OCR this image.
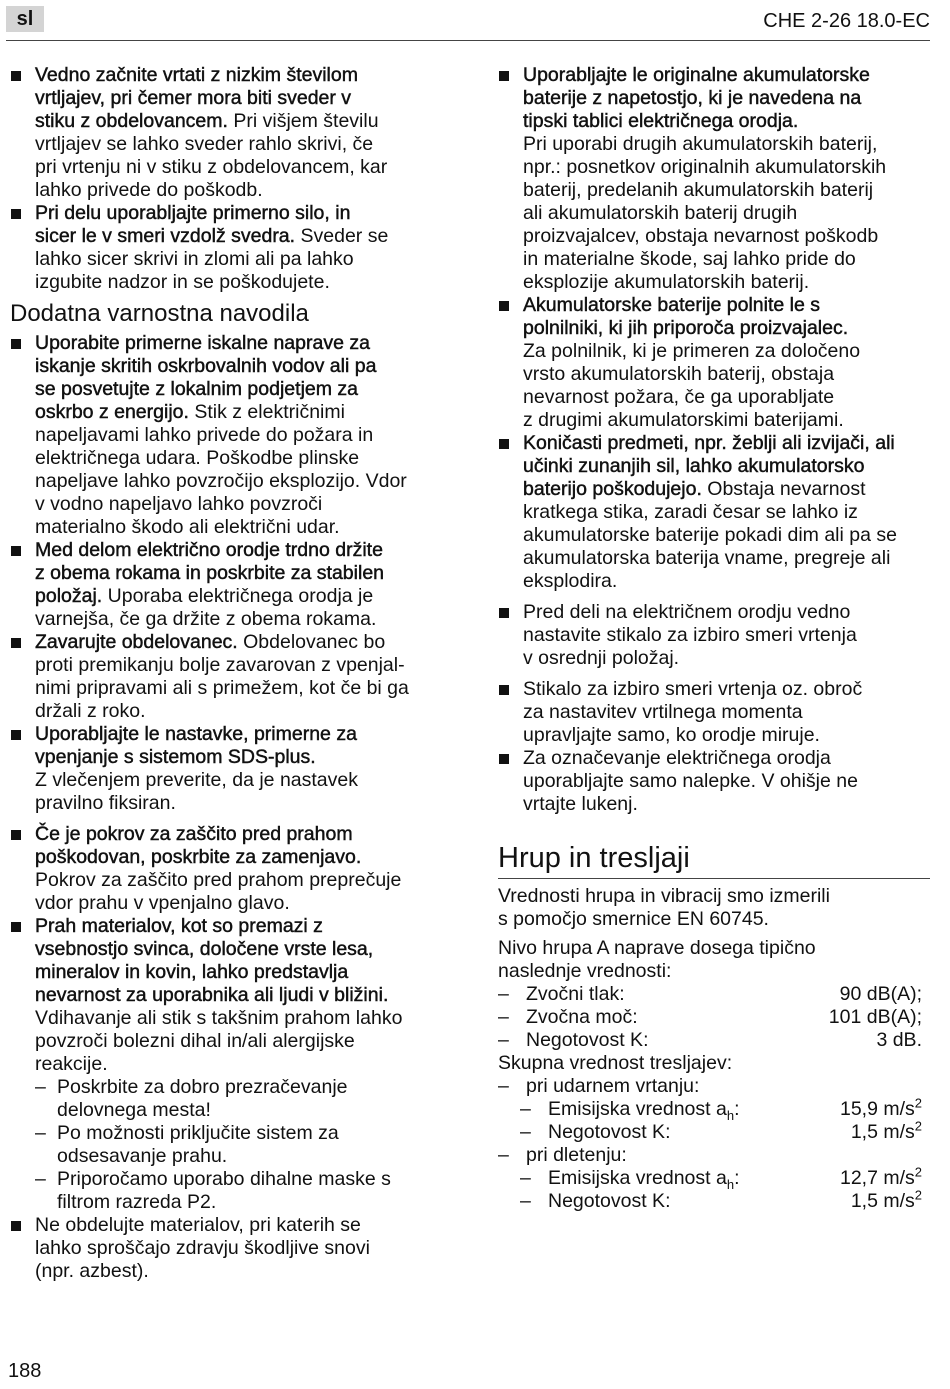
sl	CHE 2-26 18.0-EC
Vedno začnite vrtati z nizkim številom
vrtljajev, pri čemer mora biti sveder v
stiku z obdelovancem. Pri višjem številu
vrtljajev se lahko sveder rahlo skrivi, če
pri vrtenju ni v stiku z obdelovancem, kar
lahko privede do poškodb.
Pri delu uporabljajte primerno silo, in
sicer le v smeri vzdolž svedra. Sveder se
lahko sicer skrivi in zlomi ali pa lahko
izgubite nadzor in se poškodujete.
Dodatna varnostna navodila
Uporabite primerne iskalne naprave za
iskanje skritih oskrbovalnih vodov ali pa
se posvetujte z lokalnim podjetjem za
oskrbo z energijo. Stik z električnimi
napeljavami lahko privede do požara in
električnega udara. Poškodbe plinske
napeljave lahko povzročijo eksplozijo. Vdor
v vodno napeljavo lahko povzroči
materialno škodo ali električni udar.
Med delom električno orodje trdno držite
z obema rokama in poskrbite za stabilen
položaj. Uporaba električnega orodja je
varnejša, če ga držite z obema rokama.
Zavarujte obdelovanec. Obdelovanec bo
proti premikanju bolje zavarovan z vpenjal-
nimi pripravami ali s primežem, kot če bi ga
držali z roko.
Uporabljajte le nastavke, primerne za
vpenjanje s sistemom SDS-plus.
Z vlečenjem preverite, da je nastavek
pravilno fiksiran.
Če je pokrov za zaščito pred prahom
poškodovan, poskrbite za zamenjavo.
Pokrov za zaščito pred prahom preprečuje
vdor prahu v vpenjalno glavo.
Prah materialov, kot so premazi z
vsebnostjo svinca, določene vrste lesa,
mineralov in kovin, lahko predstavlja
nevarnost za uporabnika ali ljudi v bližini.
Vdihavanje ali stik s takšnim prahom lahko
povzroči bolezni dihal in/ali alergijske
reakcije.
– Poskrbite za dobro prezračevanje
delovnega mesta!
– Po možnosti priključite sistem za
odsesavanje prahu.
– Priporočamo uporabo dihalne maske s
filtrom razreda P2.
Ne obdelujte materialov, pri katerih se
lahko sproščajo zdravju škodljive snovi
(npr. azbest).
Uporabljajte le originalne akumulatorske
baterije z napetostjo, ki je navedena na
tipski tablici električnega orodja.
Pri uporabi drugih akumulatorskih baterij,
npr.: posnetkov originalnih akumulatorskih
baterij, predelanih akumulatorskih baterij
ali akumulatorskih baterij drugih
proizvajalcev, obstaja nevarnost poškodb
in materialne škode, saj lahko pride do
eksplozije akumulatorskih baterij.
Akumulatorske baterije polnite le s
polnilniki, ki jih priporoča proizvajalec.
Za polnilnik, ki je primeren za določeno
vrsto akumulatorskih baterij, obstaja
nevarnost požara, če ga uporabljate
z drugimi akumulatorskimi baterijami.
Koničasti predmeti, npr. žeblji ali izvijači, ali
učinki zunanjih sil, lahko akumulatorsko
baterijo poškodujejo. Obstaja nevarnost
kratkega stika, zaradi česar se lahko iz
akumulatorske baterije pokadi dim ali pa se
akumulatorska baterija vname, pregreje ali
eksplodira.
Pred deli na električnem orodju vedno
nastavite stikalo za izbiro smeri vrtenja
v osrednji položaj.
Stikalo za izbiro smeri vrtenja oz. obroč
za nastavitev vrtilnega momenta
upravljajte samo, ko orodje miruje.
Za označevanje električnega orodja
uporabljajte samo nalepke. V ohišje ne
vrtajte lukenj.
Hrup in tresljaji
Vrednosti hrupa in vibracij smo izmerili
s pomočjo smernice EN 60745.
Nivo hrupa A naprave dosega tipično
naslednje vrednosti:
– Zvočni tlak:	90 dB(A);
– Zvočna moč:	101 dB(A);
– Negotovost K:	3 dB.
Skupna vrednost tresljajev:
– pri udarnem vrtanju:
– Emisijska vrednost $a_h$:	15,9 $m/s^2$
– Negotovost K:	1,5 $m/s^2$
– pri dletenju:
– Emisijska vrednost $a_h$:	12,7 $m/s^2$
– Negotovost K:	1,5 $m/s^2$
188
